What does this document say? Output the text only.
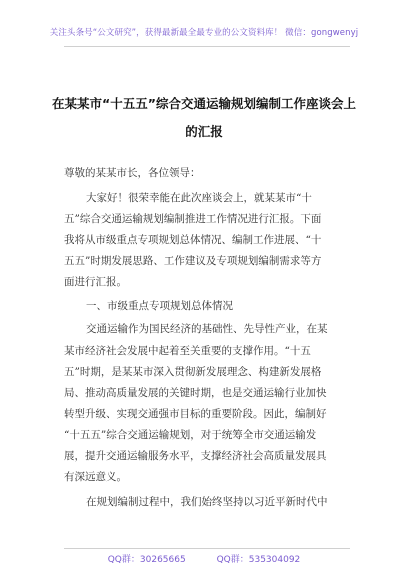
关注头条号“公文研究”，获得最新最全最专业的公文资料库！ 微信：gongwenyj
在某某市“十五五”综合交通运输规划编制工作座谈会上
的汇报
尊敬的某某市长，各位领导：
大家好！很荣幸能在此次座谈会上，就某某市“十
五”综合交通运输规划编制推进工作情况进行汇报。下面
我将从市级重点专项规划总体情况、编制工作进展、“十
五五”时期发展思路、工作建议及专项规划编制需求等方
面进行汇报。
一、市级重点专项规划总体情况
交通运输作为国民经济的基础性、先导性产业，在某
某市经济社会发展中起着至关重要的支撑作用。“十五
五”时期，是某某市深入贯彻新发展理念、构建新发展格
局、推动高质量发展的关键时期，也是交通运输行业加快
转型升级、实现交通强市目标的重要阶段。因此，编制好
“十五五”综合交通运输规划，对于统筹全市交通运输发
展，提升交通运输服务水平，支撑经济社会高质量发展具
有深远意义。
在规划编制过程中，我们始终坚持以习近平新时代中
QQ群：30265665	QQ群：535304092
